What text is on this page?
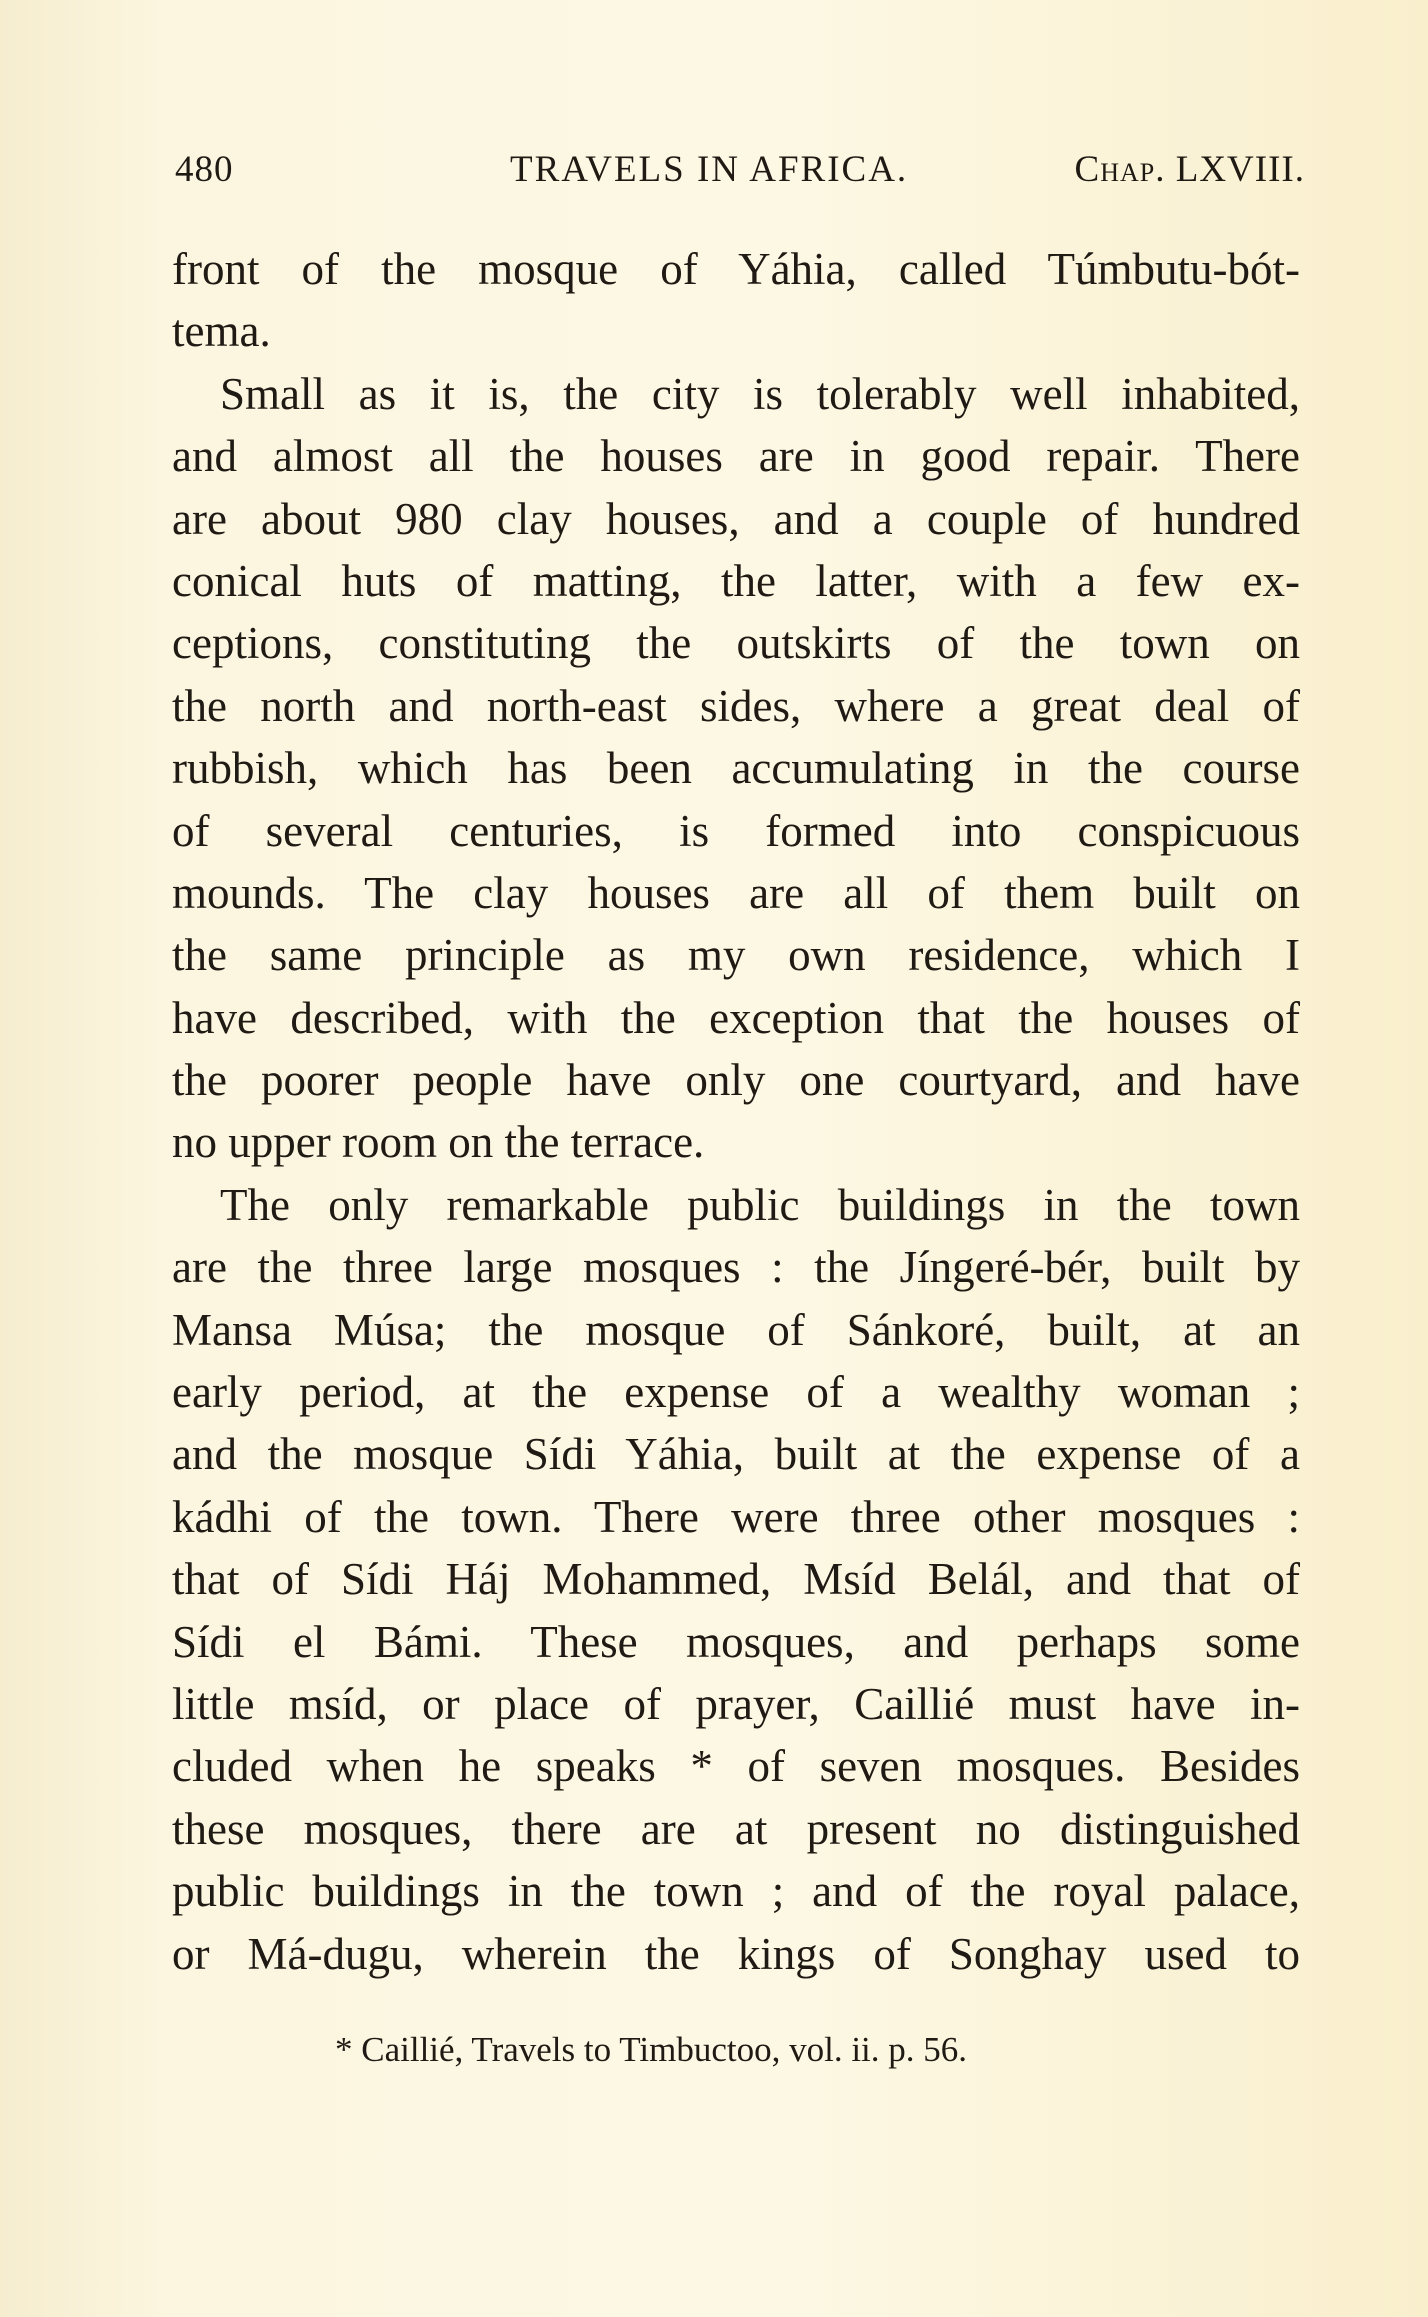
480	TRAVELS IN AFRICA.	Chap. LXVIII.
front of the mosque of Yáhia, called Túmbutu-bót-
tema.
Small as it is, the city is tolerably well inhabited,
and almost all the houses are in good repair. There
are about 980 clay houses, and a couple of hundred
conical huts of matting, the latter, with a few ex-
ceptions, constituting the outskirts of the town on
the north and north-east sides, where a great deal of
rubbish, which has been accumulating in the course
of several centuries, is formed into conspicuous
mounds. The clay houses are all of them built on
the same principle as my own residence, which I
have described, with the exception that the houses of
the poorer people have only one courtyard, and have
no upper room on the terrace.
The only remarkable public buildings in the town
are the three large mosques : the Jíngeré-bér, built by
Mansa Músa; the mosque of Sánkoré, built, at an
early period, at the expense of a wealthy woman ;
and the mosque Sídi Yáhia, built at the expense of a
kádhi of the town. There were three other mosques :
that of Sídi Háj Mohammed, Msíd Belál, and that of
Sídi el Bámi. These mosques, and perhaps some
little msíd, or place of prayer, Caillié must have in-
cluded when he speaks * of seven mosques. Besides
these mosques, there are at present no distinguished
public buildings in the town ; and of the royal palace,
or Má-dugu, wherein the kings of Songhay used to
* Caillié, Travels to Timbuctoo, vol. ii. p. 56.
